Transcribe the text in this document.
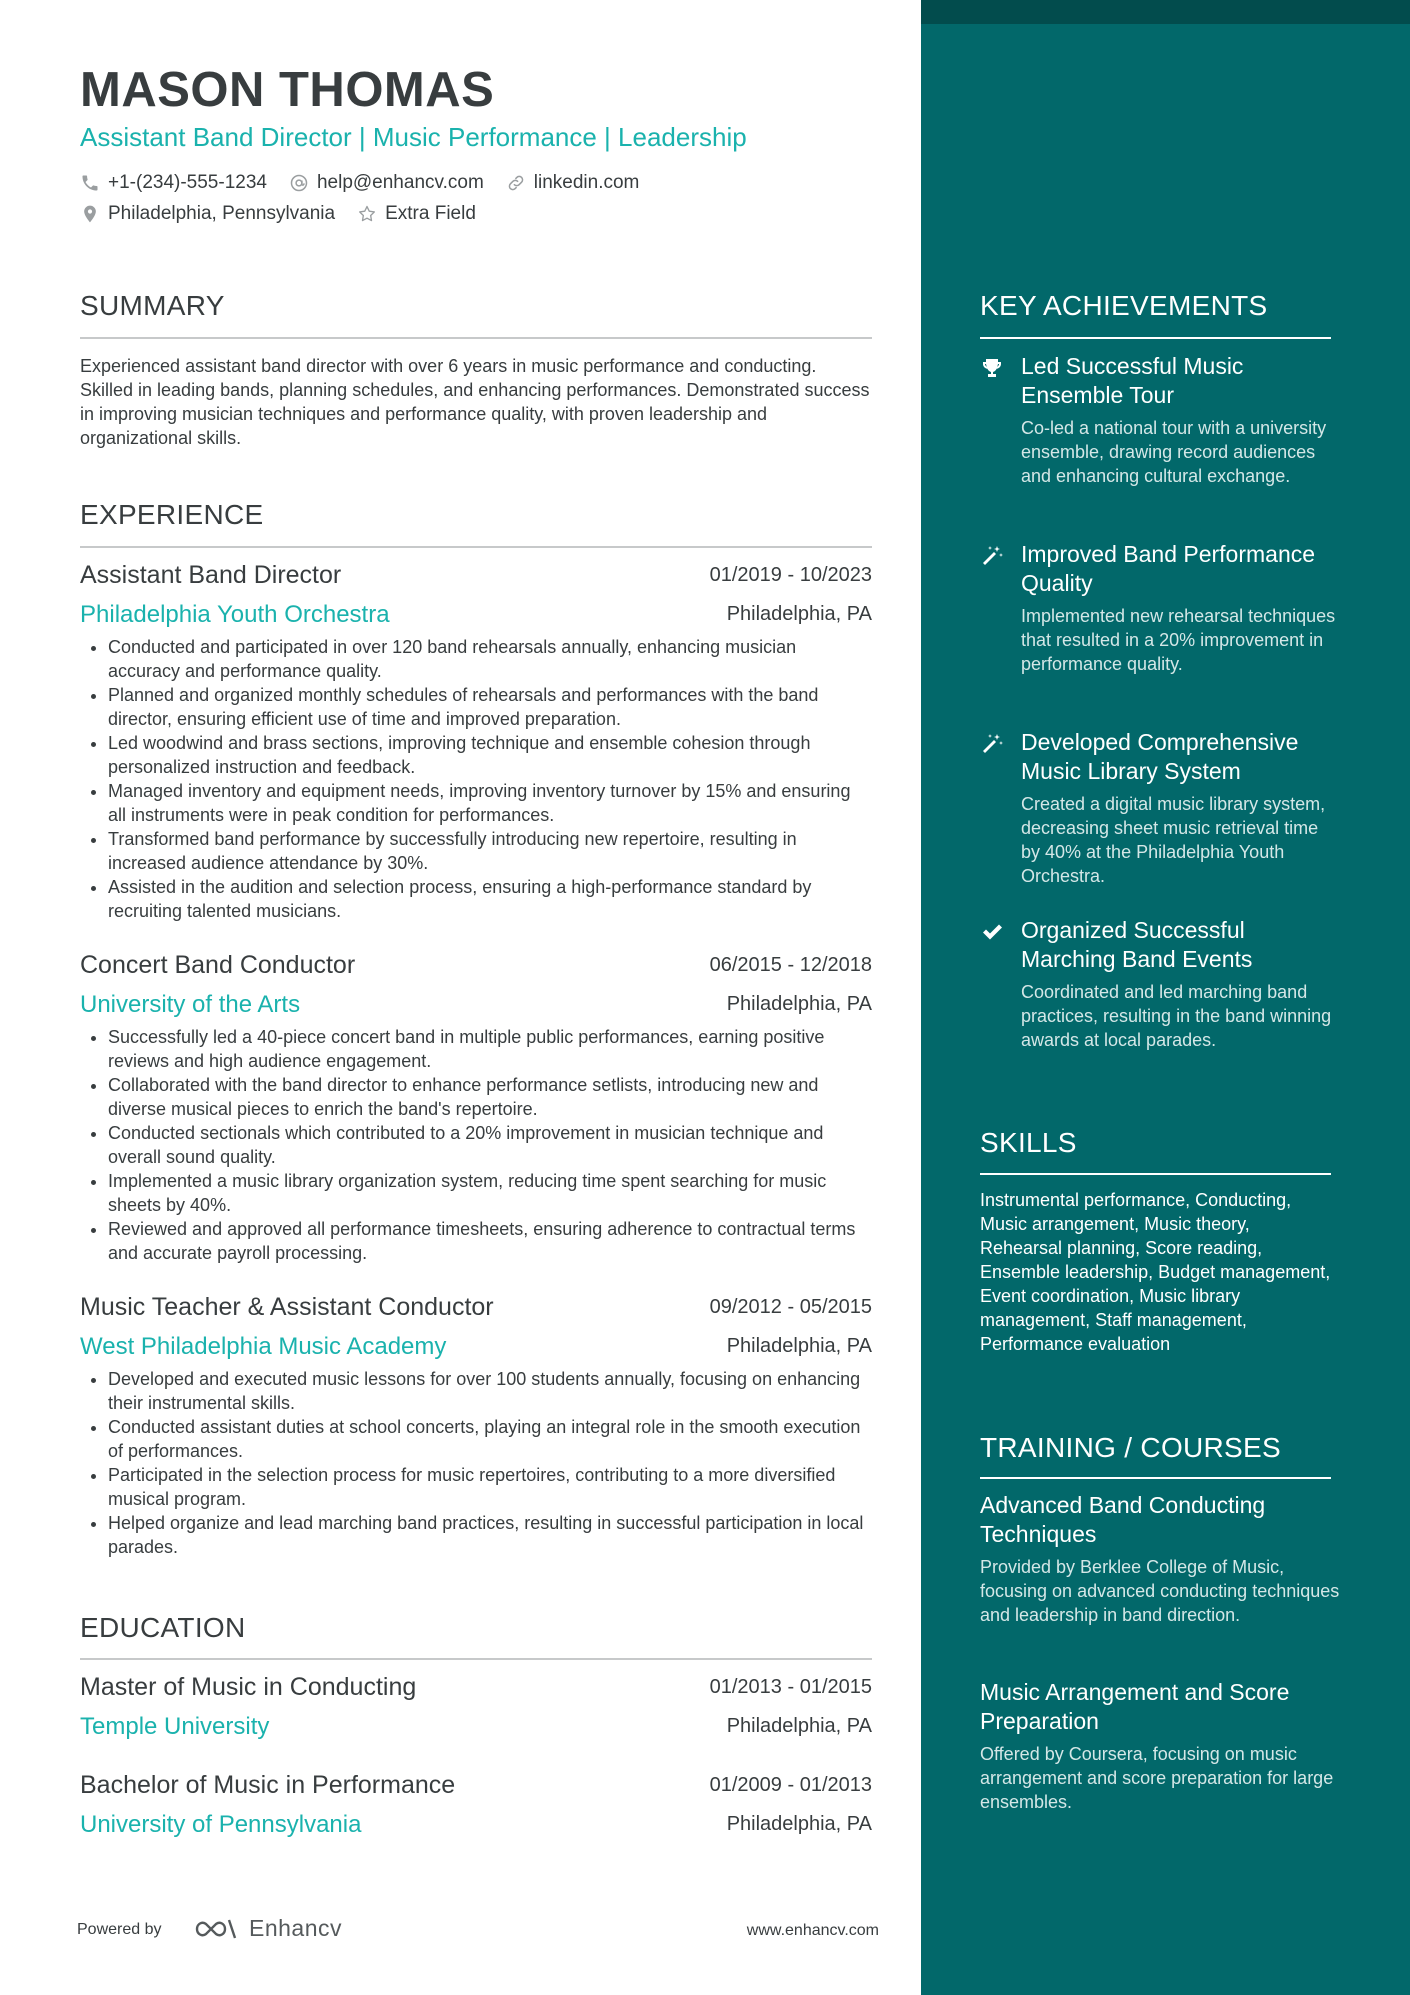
MASON THOMAS
Assistant Band Director | Music Performance | Leadership
+1-(234)-555-1234	help@enhancv.com	linkedin.com
Philadelphia, Pennsylvania	Extra Field
SUMMARY
Experienced assistant band director with over 6 years in music performance and conducting. Skilled in leading bands, planning schedules, and enhancing performances. Demonstrated success in improving musician techniques and performance quality, with proven leadership and organizational skills.
EXPERIENCE
Assistant Band Director	01/2019 - 10/2023
Philadelphia Youth Orchestra	Philadelphia, PA
• Conducted and participated in over 120 band rehearsals annually, enhancing musician accuracy and performance quality.
• Planned and organized monthly schedules of rehearsals and performances with the band director, ensuring efficient use of time and improved preparation.
• Led woodwind and brass sections, improving technique and ensemble cohesion through personalized instruction and feedback.
• Managed inventory and equipment needs, improving inventory turnover by 15% and ensuring all instruments were in peak condition for performances.
• Transformed band performance by successfully introducing new repertoire, resulting in increased audience attendance by 30%.
• Assisted in the audition and selection process, ensuring a high-performance standard by recruiting talented musicians.
Concert Band Conductor	06/2015 - 12/2018
University of the Arts	Philadelphia, PA
• Successfully led a 40-piece concert band in multiple public performances, earning positive reviews and high audience engagement.
• Collaborated with the band director to enhance performance setlists, introducing new and diverse musical pieces to enrich the band's repertoire.
• Conducted sectionals which contributed to a 20% improvement in musician technique and overall sound quality.
• Implemented a music library organization system, reducing time spent searching for music sheets by 40%.
• Reviewed and approved all performance timesheets, ensuring adherence to contractual terms and accurate payroll processing.
Music Teacher & Assistant Conductor	09/2012 - 05/2015
West Philadelphia Music Academy	Philadelphia, PA
• Developed and executed music lessons for over 100 students annually, focusing on enhancing their instrumental skills.
• Conducted assistant duties at school concerts, playing an integral role in the smooth execution of performances.
• Participated in the selection process for music repertoires, contributing to a more diversified musical program.
• Helped organize and lead marching band practices, resulting in successful participation in local parades.
EDUCATION
Master of Music in Conducting	01/2013 - 01/2015
Temple University	Philadelphia, PA
Bachelor of Music in Performance	01/2009 - 01/2013
University of Pennsylvania	Philadelphia, PA
Powered by	Enhancv	www.enhancv.com
KEY ACHIEVEMENTS
Led Successful Music Ensemble Tour
Co-led a national tour with a university ensemble, drawing record audiences and enhancing cultural exchange.
Improved Band Performance Quality
Implemented new rehearsal techniques that resulted in a 20% improvement in performance quality.
Developed Comprehensive Music Library System
Created a digital music library system, decreasing sheet music retrieval time by 40% at the Philadelphia Youth Orchestra.
Organized Successful Marching Band Events
Coordinated and led marching band practices, resulting in the band winning awards at local parades.
SKILLS
Instrumental performance, Conducting, Music arrangement, Music theory, Rehearsal planning, Score reading, Ensemble leadership, Budget management, Event coordination, Music library management, Staff management, Performance evaluation
TRAINING / COURSES
Advanced Band Conducting Techniques
Provided by Berklee College of Music, focusing on advanced conducting techniques and leadership in band direction.
Music Arrangement and Score Preparation
Offered by Coursera, focusing on music arrangement and score preparation for large ensembles.
